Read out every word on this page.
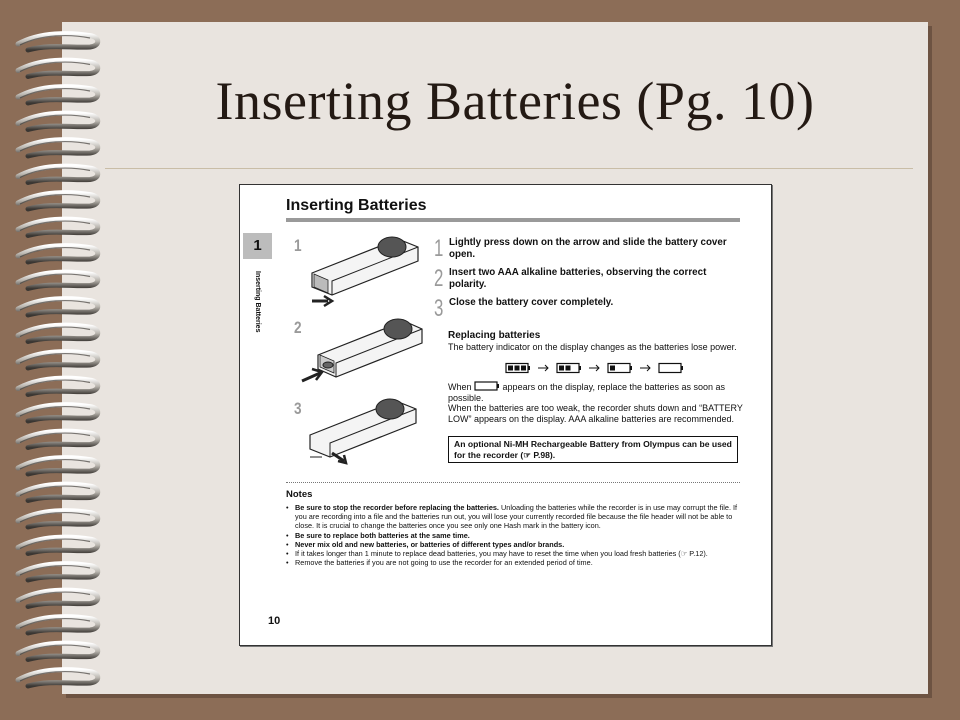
Inserting Batteries (Pg. 10)
Inserting Batteries
1
Inserting Batteries
1
2
3
1
2
3
Lightly press down on the arrow and slide the battery cover open.
Insert two AAA alkaline batteries, observing the correct polarity.
Close the battery cover completely.
Replacing batteries
The battery indicator on the display changes as the batteries lose power.
When	appears on the display, replace the batteries as soon as possible.
When the batteries are too weak, the recorder shuts down and “BATTERY LOW” appears on the display. AAA alkaline batteries are recommended.
An optional Ni-MH Rechargeable Battery from Olympus can be used for the recorder (☞ P.98).
Notes
• Be sure to stop the recorder before replacing the batteries. Unloading the batteries while the recorder is in use may corrupt the file. If you are recording into a file and the batteries run out, you will lose your currently recorded file because the file header will not be able to close. It is crucial to change the batteries once you see only one Hash mark in the battery icon.
• Be sure to replace both batteries at the same time.
• Never mix old and new batteries, or batteries of different types and/or brands.
• If it takes longer than 1 minute to replace dead batteries, you may have to reset the time when you load fresh batteries (☞ P.12).
• Remove the batteries if you are not going to use the recorder for an extended period of time.
10
